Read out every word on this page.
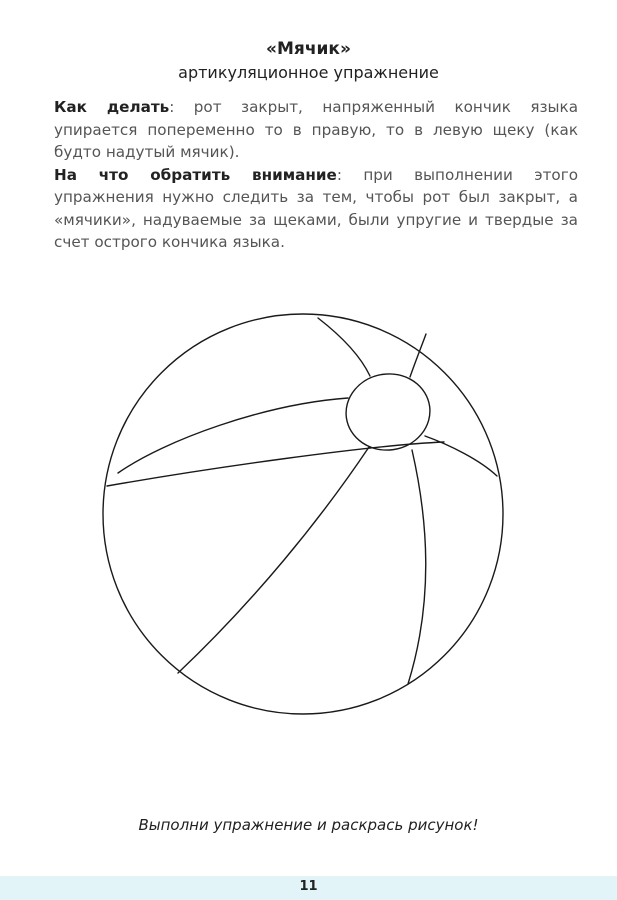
«Мячик»
артикуляционное упражнение

Как делать: рот закрыт, напряженный кончик языка упирается попеременно то в правую, то в левую щеку (как будто надутый мячик).

На что обратить внимание: при выполнении этого упражнения нужно следить за тем, чтобы рот был закрыт, а «мячики», надуваемые за щеками, были упругие и твердые за счет острого кончика языка.

Выполни упражнение и раскрась рисунок!
11
